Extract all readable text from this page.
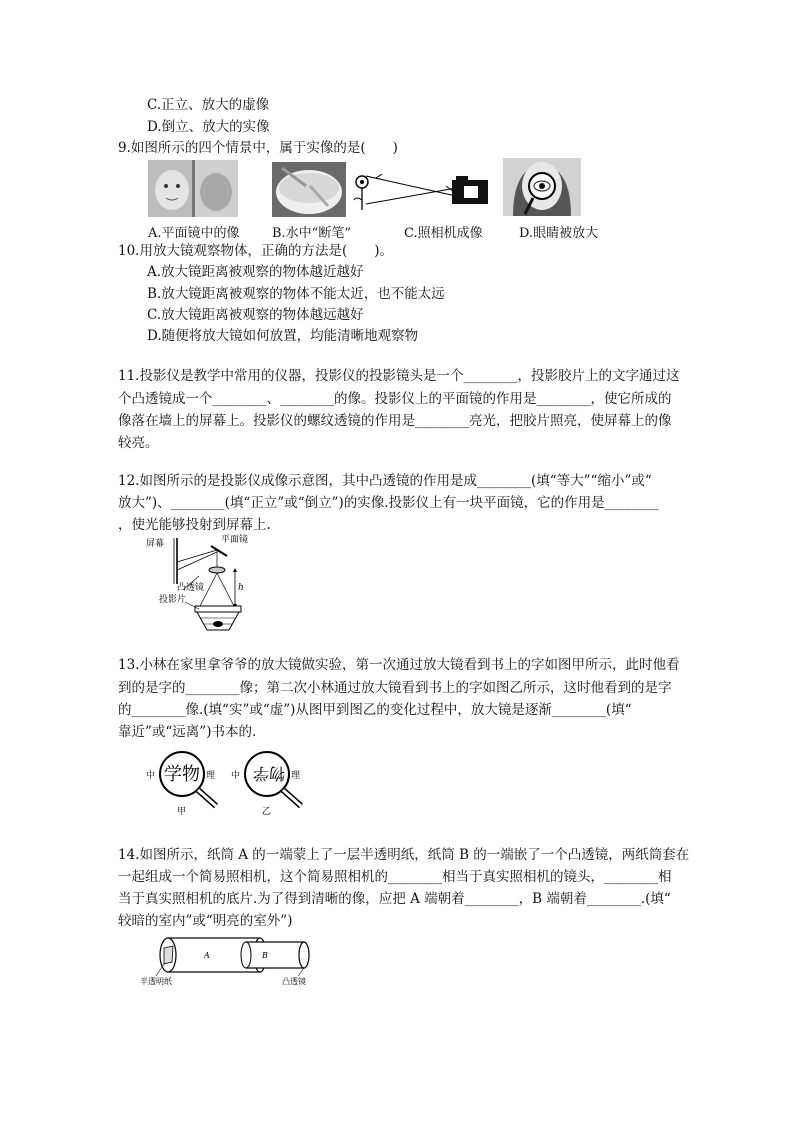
C.正立、放大的虚像
D.倒立、放大的实像
9.如图所示的四个情景中，属于实像的是(　　)
A.平面镜中的像 B.水中“断笔”	C.照相机成像	D.眼睛被放大
10.用放大镜观察物体，正确的方法是(　　)。
A.放大镜距离被观察的物体越近越好
B.放大镜距离被观察的物体不能太近，也不能太远
C.放大镜距离被观察的物体越远越好
D.随便将放大镜如何放置，均能清晰地观察物
11.投影仪是教学中常用的仪器，投影仪的投影镜头是一个________，投影胶片上的文字通过这
个凸透镜成一个________、________的像。投影仪上的平面镜的作用是________，使它所成的
像落在墙上的屏幕上。投影仪的螺纹透镜的作用是________亮光，把胶片照亮，使屏幕上的像
较亮。
12.如图所示的是投影仪成像示意图，其中凸透镜的作用是成________(填“等大”“缩小”或“
放大”)、________(填“正立”或“倒立”)的实像.投影仪上有一块平面镜，它的作用是________
，使光能够投射到屏幕上.
屏幕	平面镜
凸透镜
投影片
h
13.小林在家里拿爷爷的放大镜做实验，第一次通过放大镜看到书上的字如图甲所示，此时他看
到的是字的________像；第二次小林通过放大镜看到书上的字如图乙所示，这时他看到的是字
的________像.(填“实”或“虚”)从图甲到图乙的变化过程中，放大镜是逐渐________(填“
靠近”或“远离”)书本的.
中 学物 理
甲
中 物学 理
乙
14.如图所示，纸筒 A 的一端蒙上了一层半透明纸，纸筒 B 的一端嵌了一个凸透镜，两纸筒套在
一起组成一个简易照相机，这个简易照相机的________相当于真实照相机的镜头，________相
当于真实照相机的底片.为了得到清晰的像，应把 A 端朝着________，B 端朝着________.(填“
较暗的室内”或“明亮的室外”)
A	B
半透明纸	凸透镜
